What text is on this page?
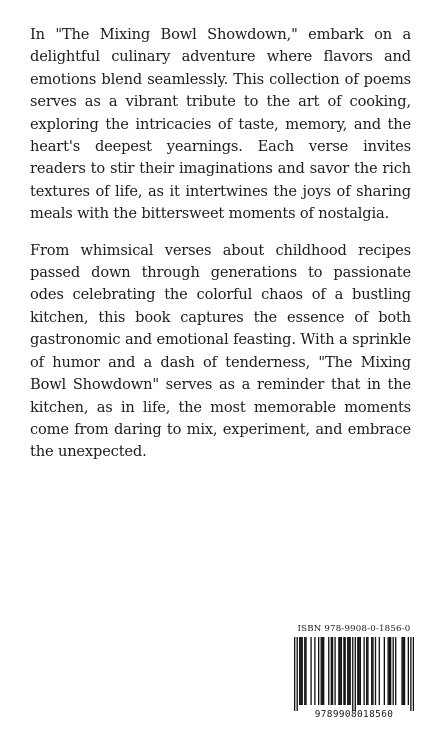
In "The Mixing Bowl Showdown," embark on a delightful culinary adventure where flavors and emotions blend seamlessly. This collection of poems serves as a vibrant tribute to the art of cooking, exploring the intricacies of taste, memory, and the heart's deepest yearnings. Each verse invites readers to stir their imaginations and savor the rich textures of life, as it intertwines the joys of sharing meals with the bittersweet moments of nostalgia.

From whimsical verses about childhood recipes passed down through generations to passionate odes celebrating the colorful chaos of a bustling kitchen, this book captures the essence of both gastronomic and emotional feasting. With a sprinkle of humor and a dash of tenderness, "The Mixing Bowl Showdown" serves as a reminder that in the kitchen, as in life, the most memorable moments come from daring to mix, experiment, and embrace the unexpected.

ISBN 978-9908-0-1856-0
9789908018560
